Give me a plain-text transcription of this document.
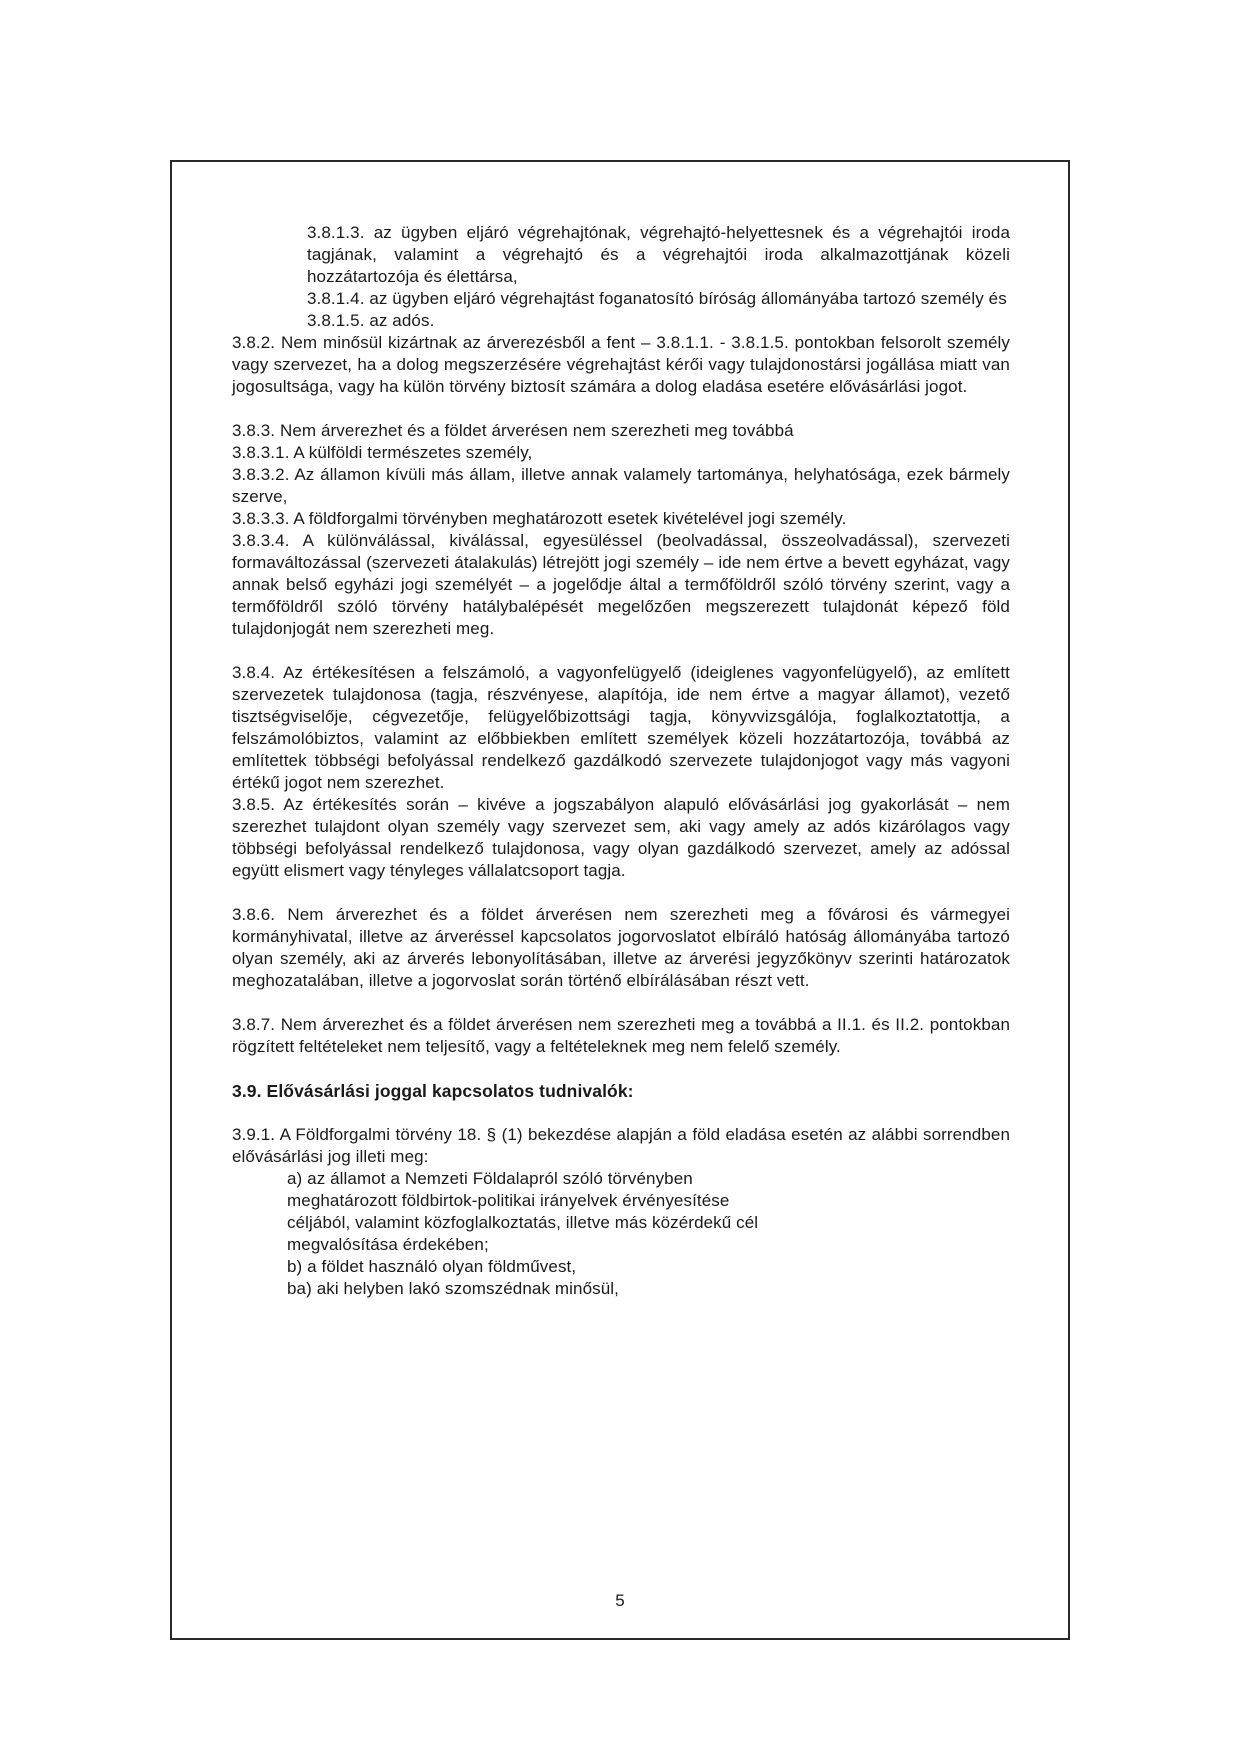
3.8.1.3. az ügyben eljáró végrehajtónak, végrehajtó-helyettesnek és a végrehajtói iroda tagjának, valamint a végrehajtó és a végrehajtói iroda alkalmazottjának közeli hozzátartozója és élettársa,

3.8.1.4. az ügyben eljáró végrehajtást foganatosító bíróság állományába tartozó személy és

3.8.1.5. az adós.

3.8.2. Nem minősül kizártnak az árverezésből a fent – 3.8.1.1. - 3.8.1.5. pontokban felsorolt személy vagy szervezet, ha a dolog megszerzésére végrehajtást kérői vagy tulajdonostársi jogállása miatt van jogosultsága, vagy ha külön törvény biztosít számára a dolog eladása esetére elővásárlási jogot.

3.8.3. Nem árverezhet és a földet árverésen nem szerezheti meg továbbá

3.8.3.1. A külföldi természetes személy,

3.8.3.2. Az államon kívüli más állam, illetve annak valamely tartománya, helyhatósága, ezek bármely szerve,

3.8.3.3. A földforgalmi törvényben meghatározott esetek kivételével jogi személy.

3.8.3.4. A különválással, kiválással, egyesüléssel (beolvadással, összeolvadással), szervezeti formaváltozással (szervezeti átalakulás) létrejött jogi személy – ide nem értve a bevett egyházat, vagy annak belső egyházi jogi személyét – a jogelődje által a termőföldről szóló törvény szerint, vagy a termőföldről szóló törvény hatálybalépését megelőzően megszerezett tulajdonát képező föld tulajdonjogát nem szerezheti meg.

3.8.4. Az értékesítésen a felszámoló, a vagyonfelügyelő (ideiglenes vagyonfelügyelő), az említett szervezetek tulajdonosa (tagja, részvényese, alapítója, ide nem értve a magyar államot), vezető tisztségviselője, cégvezetője, felügyelőbizottsági tagja, könyvvizsgálója, foglalkoztatottja, a felszámolóbiztos, valamint az előbbiekben említett személyek közeli hozzátartozója, továbbá az említettek többségi befolyással rendelkező gazdálkodó szervezete tulajdonjogot vagy más vagyoni értékű jogot nem szerezhet.

3.8.5. Az értékesítés során – kivéve a jogszabályon alapuló elővásárlási jog gyakorlását – nem szerezhet tulajdont olyan személy vagy szervezet sem, aki vagy amely az adós kizárólagos vagy többségi befolyással rendelkező tulajdonosa, vagy olyan gazdálkodó szervezet, amely az adóssal együtt elismert vagy tényleges vállalatcsoport tagja.

3.8.6. Nem árverezhet és a földet árverésen nem szerezheti meg a fővárosi és vármegyei kormányhivatal, illetve az árveréssel kapcsolatos jogorvoslatot elbíráló hatóság állományába tartozó olyan személy, aki az árverés lebonyolításában, illetve az árverési jegyzőkönyv szerinti határozatok meghozatalában, illetve a jogorvoslat során történő elbírálásában részt vett.

3.8.7. Nem árverezhet és a földet árverésen nem szerezheti meg a továbbá a II.1. és II.2. pontokban rögzített feltételeket nem teljesítő, vagy a feltételeknek meg nem felelő személy.

3.9. Elővásárlási joggal kapcsolatos tudnivalók:

3.9.1. A Földforgalmi törvény 18. § (1) bekezdése alapján a föld eladása esetén az alábbi sorrendben elővásárlási jog illeti meg:

a) az államot a Nemzeti Földalapról szóló törvényben meghatározott földbirtok-politikai irányelvek érvényesítése céljából, valamint közfoglalkoztatás, illetve más közérdekű cél megvalósítása érdekében;

b) a földet használó olyan földművest,

ba) aki helyben lakó szomszédnak minősül,

5
